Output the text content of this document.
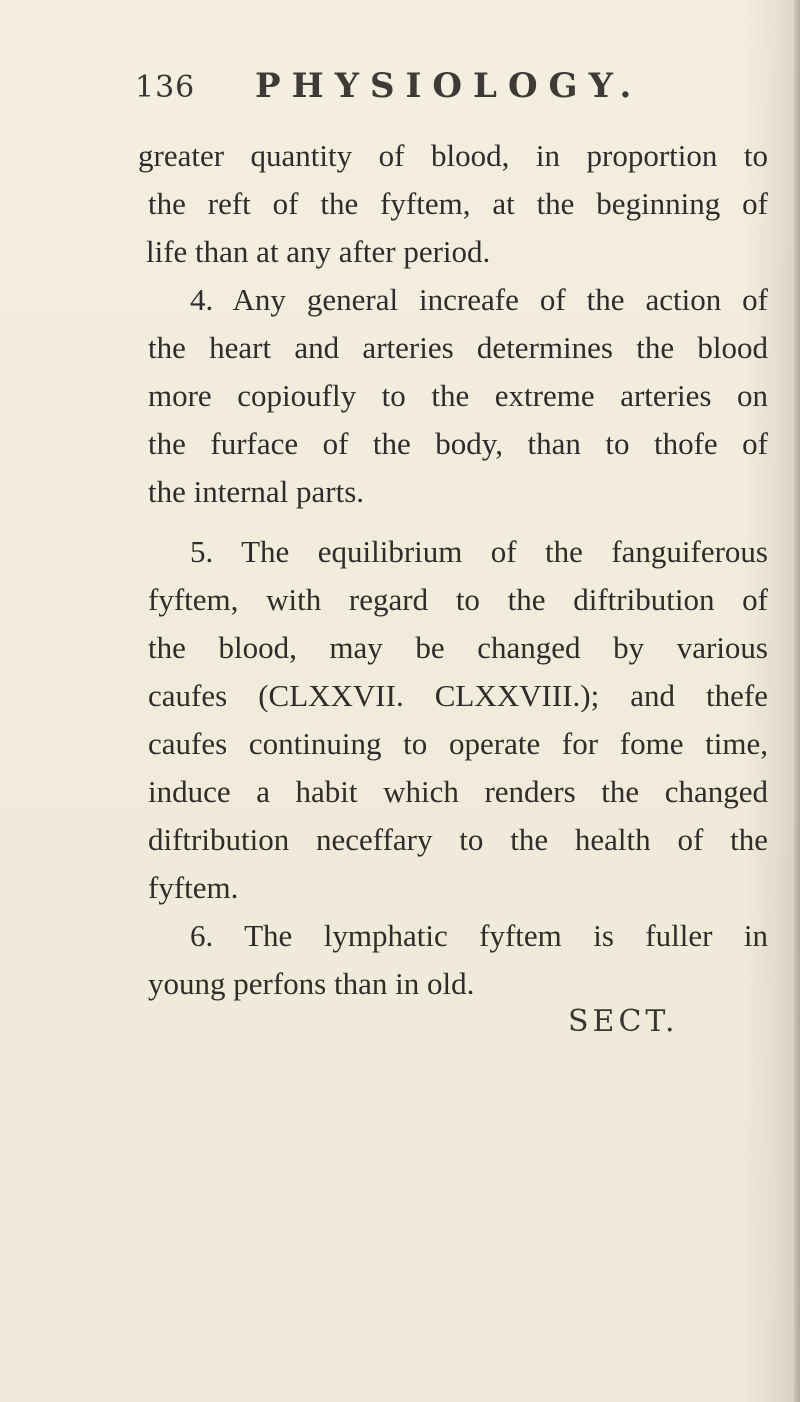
136	PHYSIOLOGY.
greater quantity of blood, in proportion to
the reft of the fyftem, at the beginning of
life than at any after period.
4. Any general increafe of the action of
the heart and arteries determines the blood
more copioufly to the extreme arteries on
the furface of the body, than to thofe of
the internal parts.
5. The equilibrium of the fanguiferous
fyftem, with regard to the diftribution of
the blood, may be changed by various
caufes (CLXXVII. CLXXVIII.); and thefe
caufes continuing to operate for fome time,
induce a habit which renders the changed
diftribution neceffary to the health of the
fyftem.
6. The lymphatic fyftem is fuller in
young perfons than in old.
SECT.
